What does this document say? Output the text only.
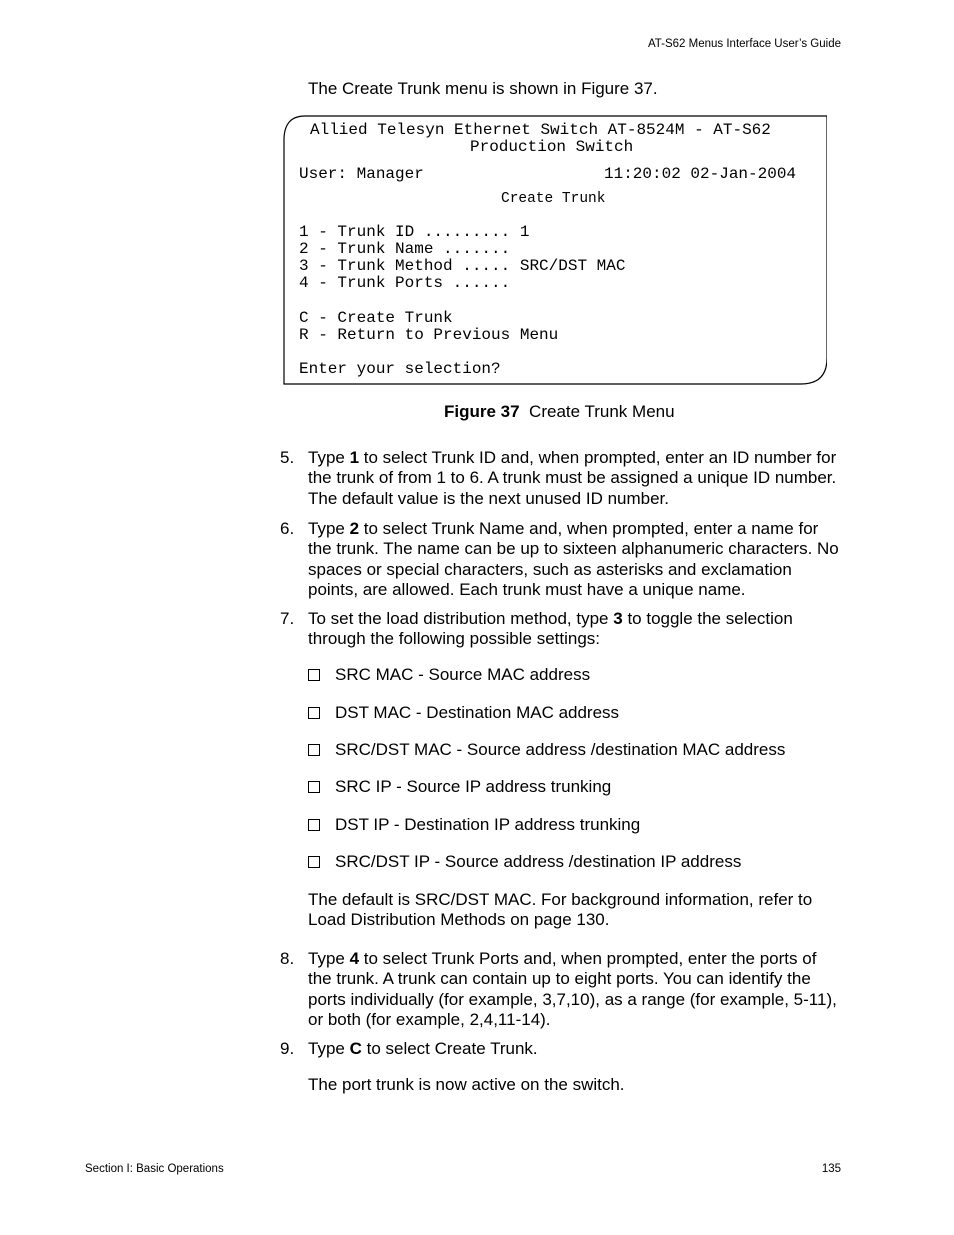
AT-S62 Menus Interface User’s Guide
The Create Trunk menu is shown in Figure 37.
Allied Telesyn Ethernet Switch AT-8524M - AT-S62
Production Switch
User: Manager	11:20:02 02-Jan-2004
Create Trunk
1 - Trunk ID ......... 1
2 - Trunk Name .......
3 - Trunk Method ..... SRC/DST MAC
4 - Trunk Ports ......
C - Create Trunk
R - Return to Previous Menu
Enter your selection?
Figure 37 Create Trunk Menu
5. Type 1 to select Trunk ID and, when prompted, enter an ID number for the trunk of from 1 to 6. A trunk must be assigned a unique ID number. The default value is the next unused ID number.
6. Type 2 to select Trunk Name and, when prompted, enter a name for the trunk. The name can be up to sixteen alphanumeric characters. No spaces or special characters, such as asterisks and exclamation points, are allowed. Each trunk must have a unique name.
7. To set the load distribution method, type 3 to toggle the selection through the following possible settings:
SRC MAC - Source MAC address
DST MAC - Destination MAC address
SRC/DST MAC - Source address /destination MAC address
SRC IP - Source IP address trunking
DST IP - Destination IP address trunking
SRC/DST IP - Source address /destination IP address
The default is SRC/DST MAC. For background information, refer to Load Distribution Methods on page 130.
8. Type 4 to select Trunk Ports and, when prompted, enter the ports of the trunk. A trunk can contain up to eight ports. You can identify the ports individually (for example, 3,7,10), as a range (for example, 5-11), or both (for example, 2,4,11-14).
9. Type C to select Create Trunk.
The port trunk is now active on the switch.
Section I: Basic Operations	135
